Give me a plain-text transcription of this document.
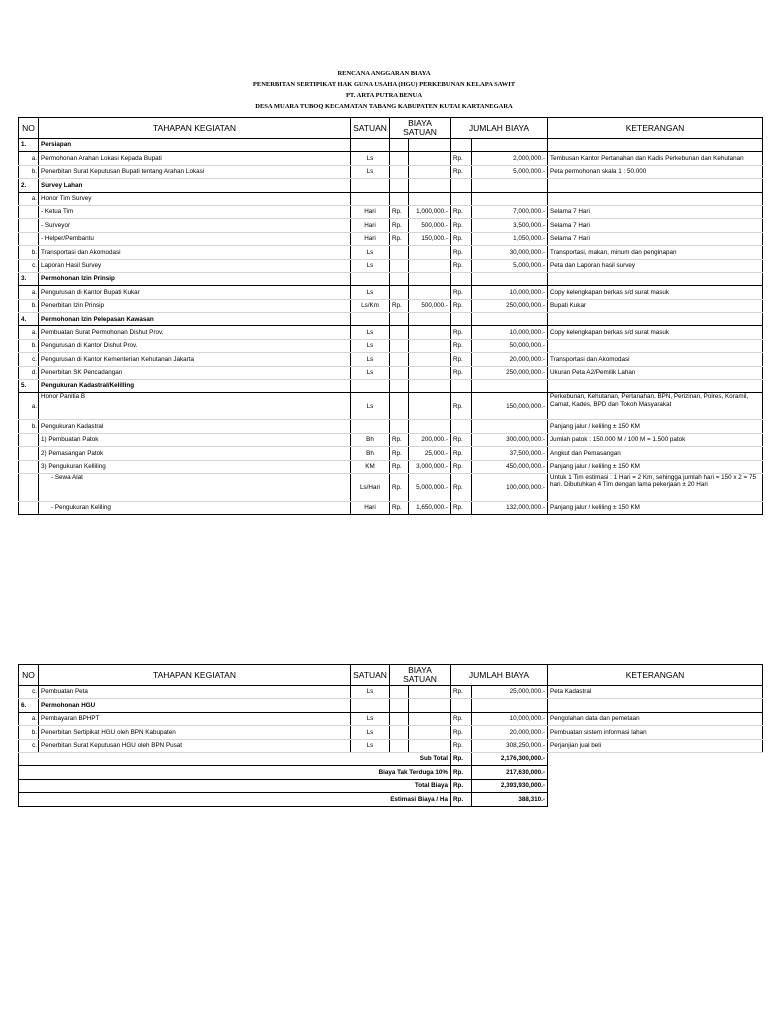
RENCANA ANGGARAN BIAYA
PENERBITAN SERTIPIKAT HAK GUNA USAHA (HGU) PERKEBUNAN KELAPA SAWIT
PT. ARTA PUTRA BENUA
DESA MUARA TUBOQ KECAMATAN TABANG KABUPATEN KUTAI KARTANEGARA
NO	TAHAPAN KEGIATAN	SATUAN	BIAYA SATUAN		JUMLAH BIAYA		KETERANGAN
1.	Persiapan						
a.	Permohonan Arahan Lokasi Kepada Bupati	Ls			Rp.	2,000,000.-	Tembusan Kantor Pertanahan dan Kadis Perkebunan dan Kehutanan
b.	Penerbitan Surat Keputusan Bupati tentang Arahan Lokasi	Ls			Rp.	5,000,000.-	Peta permohonan skala 1 : 50.000
2.	Survey Lahan						
a.	Honor Tim Survey						
	- Ketua Tim	Hari	Rp.	1,000,000.-	Rp.	7,000,000.-	Selama 7 Hari
	- Surveyor	Hari	Rp.	500,000.-	Rp.	3,500,000.-	Selama 7 Hari
	- Helper/Pembantu	Hari	Rp.	150,000.-	Rp.	1,050,000.-	Selama 7 Hari
b.	Transportasi dan Akomodasi	Ls			Rp.	30,000,000.-	Transportasi, makan, minum dan penginapan
c.	Laporan Hasil Survey	Ls			Rp.	5,000,000.-	Peta dan Laporan hasil survey
3.	Permohonan Izin Prinsip						
a.	Pengurusan di Kantor Bupati Kukar	Ls			Rp.	10,000,000.-	Copy kelengkapan berkas s/d surat masuk
b.	Penerbitan Izin Prinsip	Ls/Km	Rp.	500,000.-	Rp.	250,000,000.-	Bupati Kukar
4.	Permohonan Izin Pelepasan Kawasan						
a.	Pembuatan Surat Permohonan Dishut Prov.	Ls			Rp.	10,000,000.-	Copy kelengkapan berkas s/d surat masuk
b.	Pengurusan di Kantor Dishut Prov.	Ls			Rp.	50,000,000.-	
c.	Pengurusan di Kantor Kementerian Kehutanan Jakarta	Ls			Rp.	20,000,000.-	Transportasi dan Akomodasi
d.	Penerbitan SK Pencadangan	Ls			Rp.	250,000,000.-	Ukuran Peta A2/Pemilik Lahan
5.	Pengukuran Kadastral/Kelilling						
a.	Honor Panitia B	Ls			Rp.	150,000,000.-	Perkebunan, Kehutanan, Pertanahan, BPN, Perizinan, Polres, Koramil, Camat, Kades, BPD dan Tokoh Masyarakat
b.	Pengukuran Kadastral						Panjang jalur / keliling ± 150 KM
	1) Pembuatan Patok	Bh	Rp.	200,000.-	Rp.	300,000,000.-	Jumlah patok : 150.000 M / 100 M = 1.500 patok
	2) Pemasangan Patok	Bh	Rp.	25,000.-	Rp.	37,500,000.-	Angkut dan Pemasangan
	3) Pengukuran Kelliling	KM	Rp.	3,000,000.-	Rp.	450,000,000.-	Panjang jalur / keliling ± 150 KM
	- Sewa Alat	Ls/Hari	Rp.	5,000,000.-	Rp.	100,000,000.-	Untuk 1 Tim estimasi : 1 Hari = 2 Km, sehingga jumlah hari = 150 x 2 = 75 hari. Dibutuhkan 4 Tim dengan lama pekerjaan ± 20 Hari
	- Pengukuran Keliling	Hari	Rp.	1,650,000.-	Rp.	132,000,000.-	Panjang jalur / keliling ± 150 KM
NO	TAHAPAN KEGIATAN	SATUAN	BIAYA SATUAN		JUMLAH BIAYA		KETERANGAN
c.	Pembuatan Peta	Ls			Rp.	25,000,000.-	Peta Kadastral
6.	Permohonan HGU						
a.	Pembayaran BPHPT	Ls			Rp.	10,000,000.-	Pengolahan data dan pemetaan
b.	Penerbitan Sertipikat HGU oleh BPN Kabupaten	Ls			Rp.	20,000,000.-	Pembuatan sistem informasi lahan
c.	Penerbitan Surat Keputusan HGU oleh BPN Pusat	Ls			Rp.	308,250,000.-	Perjanjian jual beli
Sub Total					Rp.	2,176,300,000.-	
Biaya Tak Terduga 10%					Rp.	217,630,000.-	
Total Biaya					Rp.	2,393,930,000.-	
Estimasi Biaya / Ha					Rp.	388,310.-	
